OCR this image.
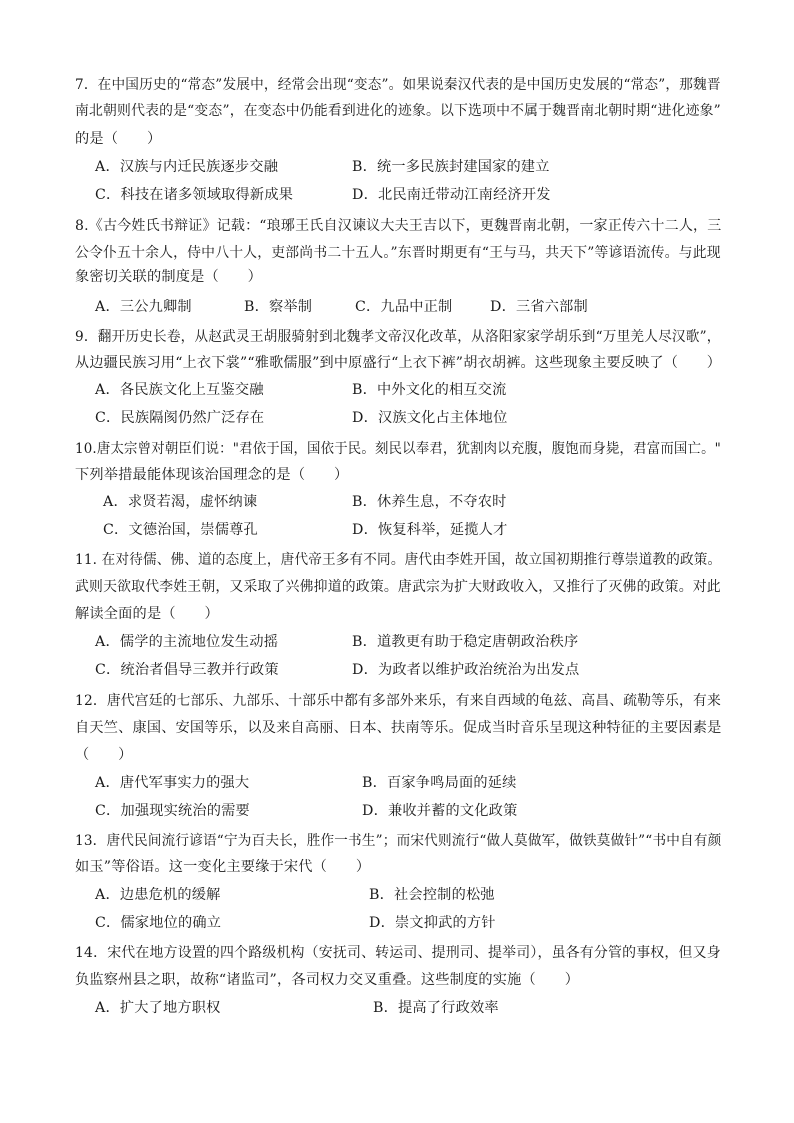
7．在中国历史的“常态”发展中，经常会出现“变态”。如果说秦汉代表的是中国历史发展的“常态”，那魏晋
南北朝则代表的是“变态”，在变态中仍能看到进化的迹象。以下选项中不属于魏晋南北朝时期“进化迹象”
的是（　　）
A．汉族与内迁民族逐步交融	B．统一多民族封建国家的建立
C．科技在诸多领域取得新成果	D．北民南迁带动江南经济开发
8.《古今姓氏书辩证》记载：“琅琊王氏自汉谏议大夫王吉以下，更魏晋南北朝，一家正传六十二人，三
公令仆五十余人，侍中八十人，吏部尚书二十五人。”东晋时期更有“王与马，共天下”等谚语流传。与此现
象密切关联的制度是（　　）
A．三公九卿制	B．察举制	C．九品中正制	D．三省六部制
9．翻开历史长卷，从赵武灵王胡服骑射到北魏孝文帝汉化改革，从洛阳家家学胡乐到“万里羌人尽汉歌”，
从边疆民族习用“上衣下裳”“雅歌儒服”到中原盛行“上衣下裤”胡衣胡裤。这些现象主要反映了（　　）
A．各民族文化上互鉴交融	B．中外文化的相互交流
C．民族隔阂仍然广泛存在	D．汉族文化占主体地位
10.唐太宗曾对朝臣们说："君依于国，国依于民。刻民以奉君，犹割肉以充腹，腹饱而身毙，君富而国亡。"
下列举措最能体现该治国理念的是（　　）
A．求贤若渴，虚怀纳谏	B．休养生息，不夺农时
C．文德治国，崇儒尊孔	D．恢复科举，延揽人才
11. 在对待儒、佛、道的态度上，唐代帝王多有不同。唐代由李姓开国，故立国初期推行尊崇道教的政策。
武则天欲取代李姓王朝，又采取了兴佛抑道的政策。唐武宗为扩大财政收入，又推行了灭佛的政策。对此
解读全面的是（　　）
A．儒学的主流地位发生动摇	B．道教更有助于稳定唐朝政治秩序
C．统治者倡导三教并行政策	D．为政者以维护政治统治为出发点
12．唐代宫廷的七部乐、九部乐、十部乐中都有多部外来乐，有来自西域的龟兹、高昌、疏勒等乐，有来
自天竺、康国、安国等乐，以及来自高丽、日本、扶南等乐。促成当时音乐呈现这种特征的主要因素是
（　　）
A．唐代军事实力的强大	B．百家争鸣局面的延续
C．加强现实统治的需要	D．兼收并蓄的文化政策
13．唐代民间流行谚语“宁为百夫长，胜作一书生”；而宋代则流行“做人莫做军，做铁莫做针”“书中自有颜
如玉”等俗语。这一变化主要缘于宋代（　　）
A．边患危机的缓解	B．社会控制的松弛
C．儒家地位的确立	D．崇文抑武的方针
14．宋代在地方设置的四个路级机构（安抚司、转运司、提刑司、提举司），虽各有分管的事权，但又身
负监察州县之职，故称“诸监司”，各司权力交叉重叠。这些制度的实施（　　）
A．扩大了地方职权	B．提高了行政效率
